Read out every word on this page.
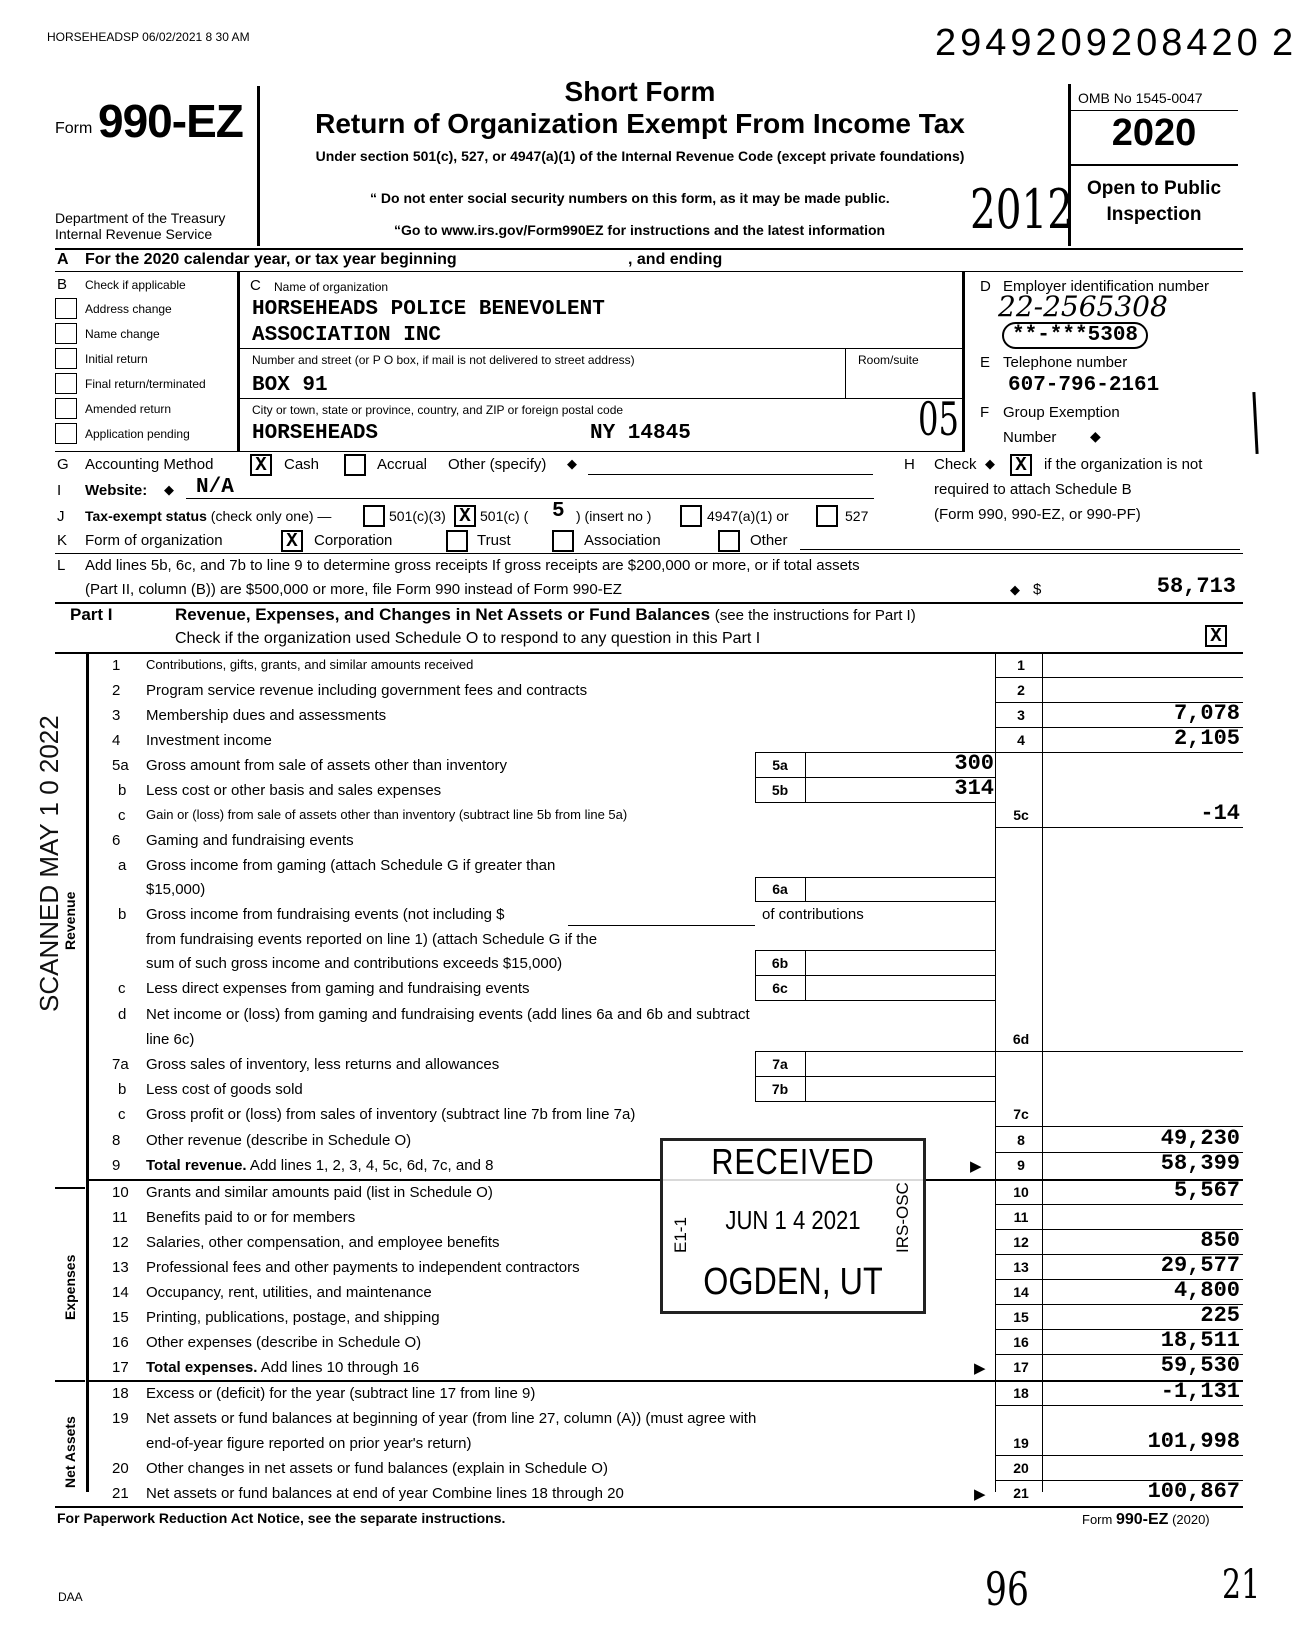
HORSEHEADSP 06/02/2021 8 30 AM	2949209208420 2
Form 990-EZ
Department of the Treasury
Internal Revenue Service
Short Form
Return of Organization Exempt From Income Tax
Under section 501(c), 527, or 4947(a)(1) of the Internal Revenue Code (except private foundations)
“ Do not enter social security numbers on this form, as it may be made public.
“Go to www.irs.gov/Form990EZ for instructions and the latest information 2012
OMB No 1545-0047
2020
Open to Public
Inspection
A For the 2020 calendar year, or tax year beginning	, and ending
B Check if applicable
Address change
Name change
Initial return
Final return/terminated
Amended return
Application pending
C Name of organization
HORSEHEADS POLICE BENEVOLENT
ASSOCIATION INC
Number and street (or P O box, if mail is not delivered to street address)	Room/suite
BOX 91
City or town, state or province, country, and ZIP or foreign postal code
HORSEHEADS	NY 14845	05
D Employer identification number
22-2565308
**-***5308
E Telephone number
607-796-2161
F Group Exemption
Number ◆
G Accounting Method X	Cash	Accrual Other (specify) ◆	H Check ◆ X	if the organization is not
required to attach Schedule B
(Form 990, 990-EZ, or 990-PF)
I Website: ◆ N/A
J Tax-exempt status (check only one) —	501(c)(3) X 501(c) ( 5 ) (insert no )	4947(a)(1) or	527
K Form of organization	X	Corporation	Trust	Association	Other
L Add lines 5b, 6c, and 7b to line 9 to determine gross receipts If gross receipts are $200,000 or more, or if total assets
(Part II, column (B)) are $500,000 or more, file Form 990 instead of Form 990-EZ	◆ $	58,713
Part I	Revenue, Expenses, and Changes in Net Assets or Fund Balances (see the instructions for Part I)
Check if the organization used Schedule O to respond to any question in this Part I	X
Revenue
Expenses
Net Assets
SCANNED MAY 1 0 2022
1	Contributions, gifts, grants, and similar amounts received	1
2	Program service revenue including government fees and contracts	2
3	Membership dues and assessments	3	7,078
4	Investment income	4	2,105
5a	Gross amount from sale of assets other than inventory	5a	300
b	Less cost or other basis and sales expenses	5b	314
c	Gain or (loss) from sale of assets other than inventory (subtract line 5b from line 5a)	5c	-14
6	Gaming and fundraising events
a	Gross income from gaming (attach Schedule G if greater than
$15,000)	6a
b	Gross income from fundraising events (not including $	of contributions
from fundraising events reported on line 1) (attach Schedule G if the
sum of such gross income and contributions exceeds $15,000)	6b
c	Less direct expenses from gaming and fundraising events	6c
d	Net income or (loss) from gaming and fundraising events (add lines 6a and 6b and subtract
line 6c)	6d
7a	Gross sales of inventory, less returns and allowances	7a
b	Less cost of goods sold	7b
c	Gross profit or (loss) from sales of inventory (subtract line 7b from line 7a)	7c
8	Other revenue (describe in Schedule O)	8	49,230
9	Total revenue. Add lines 1, 2, 3, 4, 5c, 6d, 7c, and 8	9	58,399
▶
10	Grants and similar amounts paid (list in Schedule O)	10	5,567
11	Benefits paid to or for members	11
12	Salaries, other compensation, and employee benefits	12	850
13	Professional fees and other payments to independent contractors	13	29,577
14	Occupancy, rent, utilities, and maintenance	14	4,800
15	Printing, publications, postage, and shipping	15	225
16	Other expenses (describe in Schedule O)	16	18,511
17	Total expenses. Add lines 10 through 16	17	59,530
▶
18	Excess or (deficit) for the year (subtract line 17 from line 9)	18	-1,131
19	Net assets or fund balances at beginning of year (from line 27, column (A)) (must agree with
end-of-year figure reported on prior year's return)	19	101,998
20	Other changes in net assets or fund balances (explain in Schedule O)	20
21	Net assets or fund balances at end of year Combine lines 18 through 20	21	100,867
▶
RECEIVED
JUN 1 4 2021
E1-1	IRS-OSC
OGDEN, UT
For Paperwork Reduction Act Notice, see the separate instructions.	Form 990-EZ (2020)
DAA	96	21
